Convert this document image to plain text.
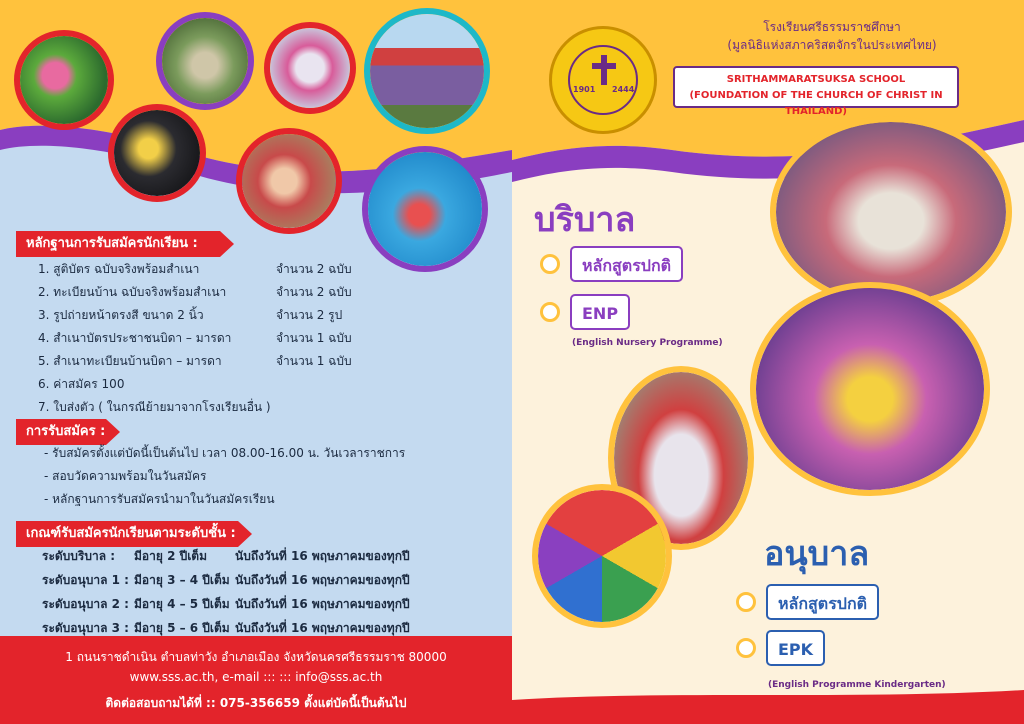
หลักฐานการรับสมัครนักเรียน :
1. สูติบัตร ฉบับจริงพร้อมสำเนา	จำนวน 2 ฉบับ
2. ทะเบียนบ้าน ฉบับจริงพร้อมสำเนา	จำนวน 2 ฉบับ
3. รูปถ่ายหน้าตรงสี ขนาด 2 นิ้ว	จำนวน 2 รูป
4. สำเนาบัตรประชาชนบิดา – มารดา	จำนวน 1 ฉบับ
5. สำเนาทะเบียนบ้านบิดา – มารดา	จำนวน 1 ฉบับ
6. ค่าสมัคร 100
7. ใบส่งตัว ( ในกรณีย้ายมาจากโรงเรียนอื่น )
การรับสมัคร :
- รับสมัครตั้งแต่บัดนี้เป็นต้นไป เวลา 08.00-16.00 น. วันเวลาราชการ
- สอบวัดความพร้อมในวันสมัคร
- หลักฐานการรับสมัครนำมาในวันสมัครเรียน
เกณฑ์รับสมัครนักเรียนตามระดับชั้น :
ระดับบริบาล : มีอายุ 2 ปีเต็ม นับถึงวันที่ 16 พฤษภาคมของทุกปี
ระดับอนุบาล 1 : มีอายุ 3 – 4 ปีเต็ม นับถึงวันที่ 16 พฤษภาคมของทุกปี
ระดับอนุบาล 2 : มีอายุ 4 – 5 ปีเต็ม นับถึงวันที่ 16 พฤษภาคมของทุกปี
ระดับอนุบาล 3 : มีอายุ 5 – 6 ปีเต็ม นับถึงวันที่ 16 พฤษภาคมของทุกปี
1 ถนนราชดำเนิน ตำบลท่าวัง อำเภอเมือง จังหวัดนครศรีธรรมราช 80000
www.sss.ac.th, e-mail ::: ::: info@sss.ac.th
ติดต่อสอบถามได้ที่ :: 075-356659 ตั้งแต่บัดนี้เป็นต้นไป
1901 2444
โรงเรียนศรีธรรมราชศึกษา
(มูลนิธิแห่งสภาคริสตจักรในประเทศไทย)
SRITHAMMARATSUKSA SCHOOL
(FOUNDATION OF THE CHURCH OF CHRIST IN THAILAND)
บริบาล
หลักสูตรปกติ
ENP
(English Nursery Programme)
อนุบาล
หลักสูตรปกติ
EPK
(English Programme Kindergarten)
